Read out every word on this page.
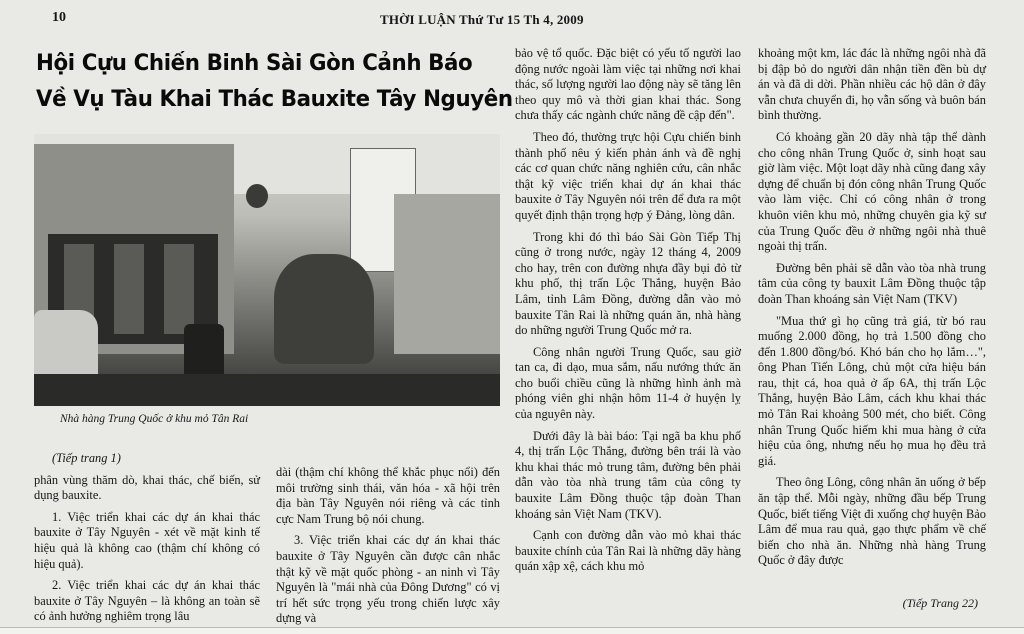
10	THỜI LUẬN Thứ Tư 15 Th 4, 2009
Hội Cựu Chiến Binh Sài Gòn Cảnh Báo
Về Vụ Tàu Khai Thác Bauxite Tây Nguyên
Nhà hàng Trung Quốc ở khu mỏ Tân Rai

(Tiếp trang 1)

phân vùng thăm dò, khai thác, chế biến, sử dụng bauxite.

1. Việc triển khai các dự án khai thác bauxite ở Tây Nguyên - xét về mặt kinh tế hiệu quả là không cao (thậm chí không có hiệu quả).

2. Việc triển khai các dự án khai thác bauxite ở Tây Nguyên – là không an toàn sẽ có ảnh hưởng nghiêm trọng lâu

dài (thậm chí không thể khắc phục nổi) đến môi trường sinh thái, văn hóa - xã hội trên địa bàn Tây Nguyên nói riêng và các tỉnh cực Nam Trung bộ nói chung.

3. Việc triển khai các dự án khai thác bauxite ở Tây Nguyên cần được cân nhắc thật kỹ về mặt quốc phòng - an ninh vì Tây Nguyên là "mái nhà của Đông Dương" có vị trí hết sức trọng yếu trong chiến lược xây dựng và

bảo vệ tổ quốc. Đặc biệt có yếu tố người lao động nước ngoài làm việc tại những nơi khai thác, số lượng người lao động này sẽ tăng lên theo quy mô và thời gian khai thác. Song chưa thấy các ngành chức năng đề cập đến".

Theo đó, thường trực hội Cựu chiến binh thành phố nêu ý kiến phản ánh và đề nghị các cơ quan chức năng nghiên cứu, cân nhắc thật kỹ việc triển khai dự án khai thác bauxite ở Tây Nguyên nói trên để đưa ra một quyết định thận trọng hợp ý Đảng, lòng dân.

Trong khi đó thì báo Sài Gòn Tiếp Thị cũng ở trong nước, ngày 12 tháng 4, 2009 cho hay, trên con đường nhựa đầy bụi đỏ từ khu phố, thị trấn Lộc Thắng, huyện Bảo Lâm, tỉnh Lâm Đồng, đường dẫn vào mỏ bauxite Tân Rai là những quán ăn, nhà hàng do những người Trung Quốc mở ra.

Công nhân người Trung Quốc, sau giờ tan ca, đi dạo, mua sắm, nấu nướng thức ăn cho buổi chiều cũng là những hình ảnh mà phóng viên ghi nhận hôm 11-4 ở huyện lỵ của nguyên này.

Dưới đây là bài báo: Tại ngã ba khu phố 4, thị trấn Lộc Thắng, đường bên trái là vào khu khai thác mỏ trung tâm, đường bên phải dẫn vào tòa nhà trung tâm của công ty bauxite Lâm Đồng thuộc tập đoàn Than khoáng sản Việt Nam (TKV).

Cạnh con đường dẫn vào mỏ khai thác bauxite chính của Tân Rai là những dãy hàng quán xập xệ, cách khu mỏ

khoảng một km, lác đác là những ngôi nhà đã bị đập bỏ do người dân nhận tiền đền bù dự án và đã di dời. Phần nhiều các hộ dân ở đây vẫn chưa chuyển đi, họ vẫn sống và buôn bán bình thường.

Có khoảng gần 20 dãy nhà tập thể dành cho công nhân Trung Quốc ở, sinh hoạt sau giờ làm việc. Một loạt dãy nhà cũng đang xây dựng để chuẩn bị đón công nhân Trung Quốc vào làm việc. Chỉ có công nhân ở trong khuôn viên khu mỏ, những chuyên gia kỹ sư của Trung Quốc đều ở những ngôi nhà thuê ngoài thị trấn.

Đường bên phải sẽ dẫn vào tòa nhà trung tâm của công ty bauxit Lâm Đồng thuộc tập đoàn Than khoáng sản Việt Nam (TKV)

"Mua thứ gì họ cũng trả giá, từ bó rau muống 2.000 đồng, họ trả 1.500 đồng cho đến 1.800 đồng/bó. Khó bán cho họ lắm…", ông Phan Tiến Lông, chủ một cửa hiệu bán rau, thịt cá, hoa quả ở ấp 6A, thị trấn Lộc Thắng, huyện Bảo Lâm, cách khu khai thác mỏ Tân Rai khoảng 500 mét, cho biết. Công nhân Trung Quốc hiếm khi mua hàng ở cửa hiệu của ông, nhưng nếu họ mua họ đều trả giá.

Theo ông Lông, công nhân ăn uống ở bếp ăn tập thể. Mỗi ngày, những đầu bếp Trung Quốc, biết tiếng Việt đi xuống chợ huyện Bảo Lâm để mua rau quả, gạo thực phẩm về chế biến cho nhà ăn. Những nhà hàng Trung Quốc ở đây được

(Tiếp Trang 22)
